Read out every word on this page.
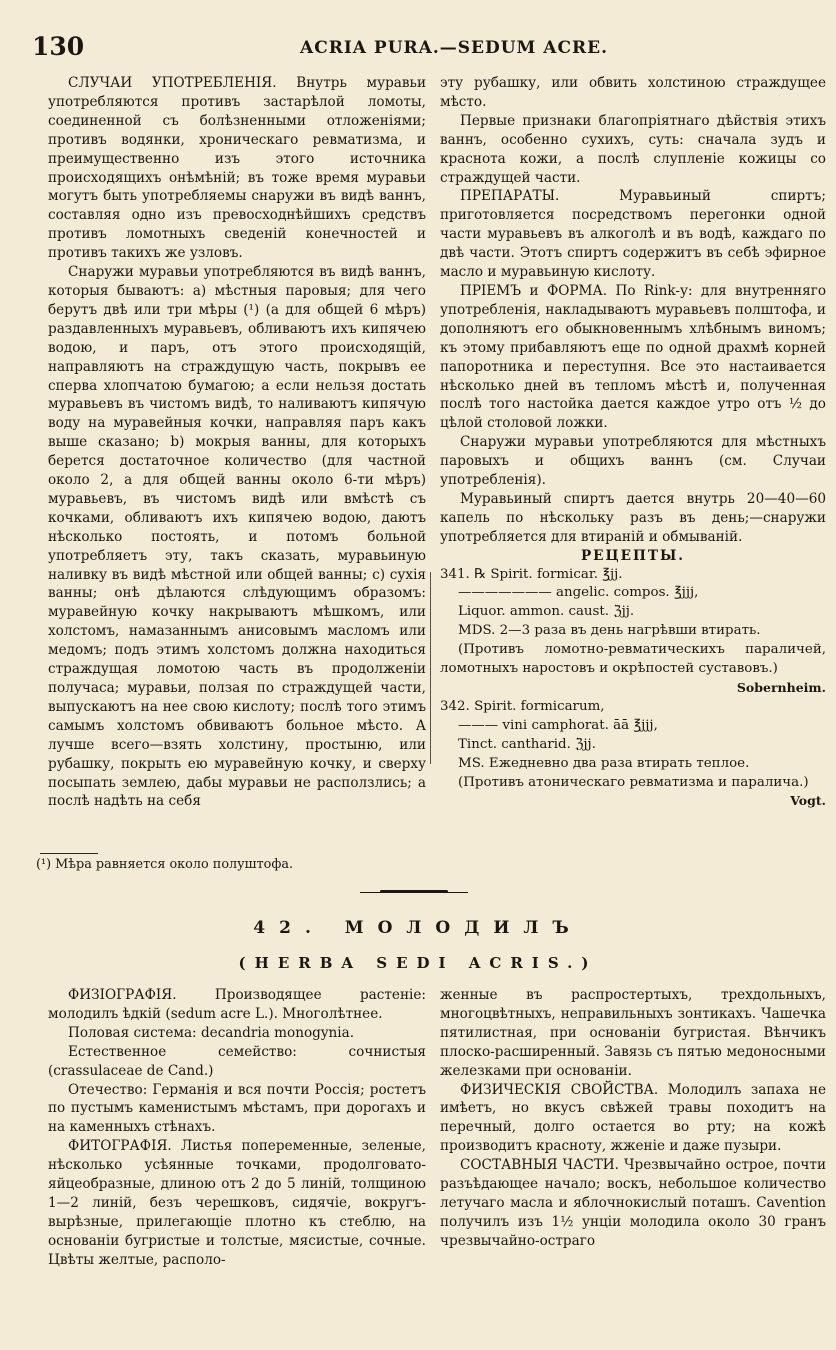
130	ACRIA PURA.—SEDUM ACRE.

СЛУЧАИ УПОТРЕБЛЕНІЯ. Внутрь муравьи употребляются противъ застарѣлой ломоты, соединенной съ болѣзненными отложеніями; противъ водянки, хроническаго ревматизма, и преимущественно изъ этого источника происходящихъ онѣмѣній; въ тоже время муравьи могутъ быть употребляемы снаружи въ видѣ ваннъ, составляя одно изъ превосходнѣйшихъ средствъ противъ ломотныхъ сведеній конечностей и противъ такихъ же узловъ.

Снаружи муравьи употребляются въ видѣ ваннъ, которыя бываютъ: a) мѣстныя паровыя; для чего берутъ двѣ или три мѣры (¹) (а для общей 6 мѣръ) раздавленныхъ муравьевъ, обливаютъ ихъ кипячею водою, и паръ, отъ этого происходящій, направляютъ на страждущую часть, покрывъ ее сперва хлопчатою бумагою; а если нельзя достать муравьевъ въ чистомъ видѣ, то наливаютъ кипячую воду на муравейныя кочки, направляя паръ какъ выше сказано; b) мокрыя ванны, для которыхъ берется достаточное количество (для частной около 2, а для общей ванны около 6-ти мѣръ) муравьевъ, въ чистомъ видѣ или вмѣстѣ съ кочками, обливаютъ ихъ кипячею водою, даютъ нѣсколько постоять, и потомъ больной употребляетъ эту, такъ сказать, муравьиную наливку въ видѣ мѣстной или общей ванны; c) сухія ванны; онѣ дѣлаются слѣдующимъ образомъ: муравейную кочку накрываютъ мѣшкомъ, или холстомъ, намазаннымъ анисовымъ масломъ или медомъ; подъ этимъ холстомъ должна находиться страждущая ломотою часть въ продолженіи получаса; муравьи, ползая по страждущей части, выпускаютъ на нее свою кислоту; послѣ того этимъ самымъ холстомъ обвиваютъ больное мѣсто. А лучше всего—взять холстину, простыню, или рубашку, покрыть ею муравейную кочку, и сверху посыпать землею, дабы муравьи не расползлись; а послѣ надѣть на себя

(¹) Мѣра равняется около полуштофа.

эту рубашку, или обвить холстиною страждущее мѣсто.

Первые признаки благопріятнаго дѣйствія этихъ ваннъ, особенно сухихъ, суть: сначала зудъ и краснота кожи, а послѣ слупленіе кожицы со страждущей части.

ПРЕПАРАТЫ. Муравьиный спиртъ; приготовляется посредствомъ перегонки одной части муравьевъ въ алкоголѣ и въ водѣ, каждаго по двѣ части. Этотъ спиртъ содержитъ въ себѣ эфирное масло и муравьиную кислоту.

ПРІЕМЪ и ФОРМА. По Rink-у: для внутренняго употребленія, накладываютъ муравьевъ полштофа, и дополняютъ его обыкновеннымъ хлѣбнымъ виномъ; къ этому прибавляютъ еще по одной драхмѣ корней папоротника и переступня. Все это настаивается нѣсколько дней въ тепломъ мѣстѣ и, полученная послѣ того настойка дается каждое утро отъ ½ до цѣлой столовой ложки.

Снаружи муравьи употребляются для мѣстныхъ паровыхъ и общихъ ваннъ (см. Случаи употребленія).

Муравьиный спиртъ дается внутрь 20—40—60 капель по нѣскольку разъ въ день;—снаружи употребляется для втираній и обмываній.

РЕЦЕПТЫ.

341. ℞ Spirit. formicar. ℥jj.

——————— angelic. compos. ℥jjj,

Liquor. ammon. caust. ℨjj.

MDS. 2—3 раза въ день нагрѣвши втирать.

(Противъ ломотно-ревматическихъ параличей, ломотныхъ наростовъ и окрѣпостей суставовъ.)

Sobernheim.

342. Spirit. formicarum,

——— vini camphorat. āā ℥jjj,

Tinct. cantharid. ℨjj.

MS. Ежедневно два раза втирать теплое.

(Противъ атоническаго ревматизма и паралича.)

Vogt.

42. МОЛОДИЛЪ
(HERBA SEDI ACRIS.)

ФИЗІОГРАФІЯ. Производящее растеніе: молодилъ ѣдкій (sedum acre L.). Многолѣтнее.

Половая система: decandria monogynia.

Естественное семейство: сочнистыя (crassulaceae de Cand.)

Отечество: Германія и вся почти Россія; ростетъ по пустымъ каменистымъ мѣстамъ, при дорогахъ и на каменныхъ стѣнахъ.

ФИТОГРАФІЯ. Листья попеременные, зеленые, нѣсколько усѣянные точками, продолговато-яйцеобразные, длиною отъ 2 до 5 линій, толщиною 1—2 линій, безъ черешковъ, сидячіе, вокругъ-вырѣзные, прилегающіе плотно къ стеблю, на основаніи бугристые и толстые, мясистые, сочные. Цвѣты желтые, располо-

женные въ распростертыхъ, трехдольныхъ, многоцвѣтныхъ, неправильныхъ зонтикахъ. Чашечка пятилистная, при основаніи бугристая. Вѣнчикъ плоско-расширенный. Завязь съ пятью медоносными железками при основаніи.

ФИЗИЧЕСКІЯ СВОЙСТВА. Молодилъ запаха не имѣетъ, но вкусъ свѣжей травы походитъ на перечный, долго остается во рту; на кожѣ производитъ красноту, жженіе и даже пузыри.

СОСТАВНЫЯ ЧАСТИ. Чрезвычайно острое, почти разъѣдающее начало; воскъ, небольшое количество летучаго масла и яблочнокислый поташъ. Cavention получилъ изъ 1½ унціи молодила около 30 гранъ чрезвычайно-остраго
